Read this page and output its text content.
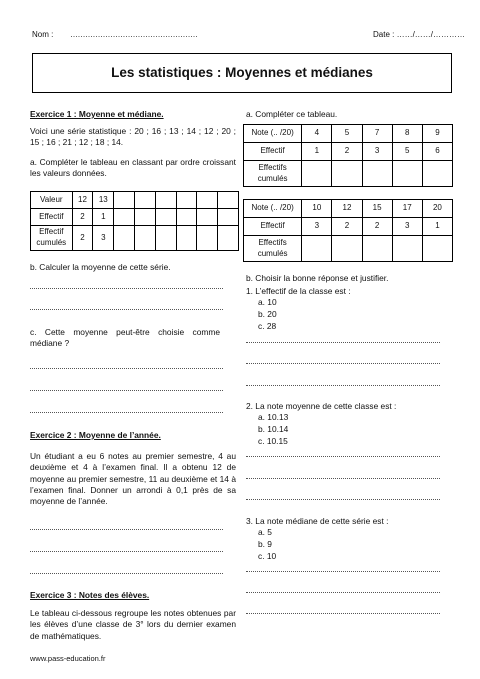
Nom : ……………………………………………	Date : ……/……/…………
Les statistiques : Moyennes et médianes
Exercice 1 : Moyenne et médiane.
Voici une série statistique : 20 ; 16 ; 13 ; 14 ; 12 ; 20 ; 15 ; 16 ; 21 ; 12 ; 18 ; 14.
a. Compléter le tableau en classant par ordre croissant les valeurs données.
Valeur	12	13						
Effectif	2	1						
Effectif cumulés	2	3						
b. Calculer la moyenne de cette série.
c. Cette moyenne peut-être choisie comme médiane ?
Exercice 2 : Moyenne de l’année.
Un étudiant a eu 6 notes au premier semestre, 4 au deuxième et 4 à l’examen final. Il a obtenu 12 de moyenne au premier semestre, 11 au deuxième et 14 à l’examen final. Donner un arrondi à 0,1 près de sa moyenne de l’année.
Exercice 3 : Notes des élèves.
Le tableau ci-dessous regroupe les notes obtenues par les élèves d’une classe de 3° lors du dernier examen de mathématiques.
www.pass-education.fr
a. Compléter ce tableau.
Note (.. /20)	4	5	7	8	9
Effectif	1	2	3	5	6
Effectifs cumulés					
Note (.. /20)	10	12	15	17	20
Effectif	3	2	2	3	1
Effectifs cumulés					
b. Choisir la bonne réponse et justifier.
1. L’effectif de la classe est :
a. 10
b. 20
c. 28
2. La note moyenne de cette classe est :
a. 10.13
b. 10.14
c. 10.15
3. La note médiane de cette série est :
a. 5
b. 9
c. 10
